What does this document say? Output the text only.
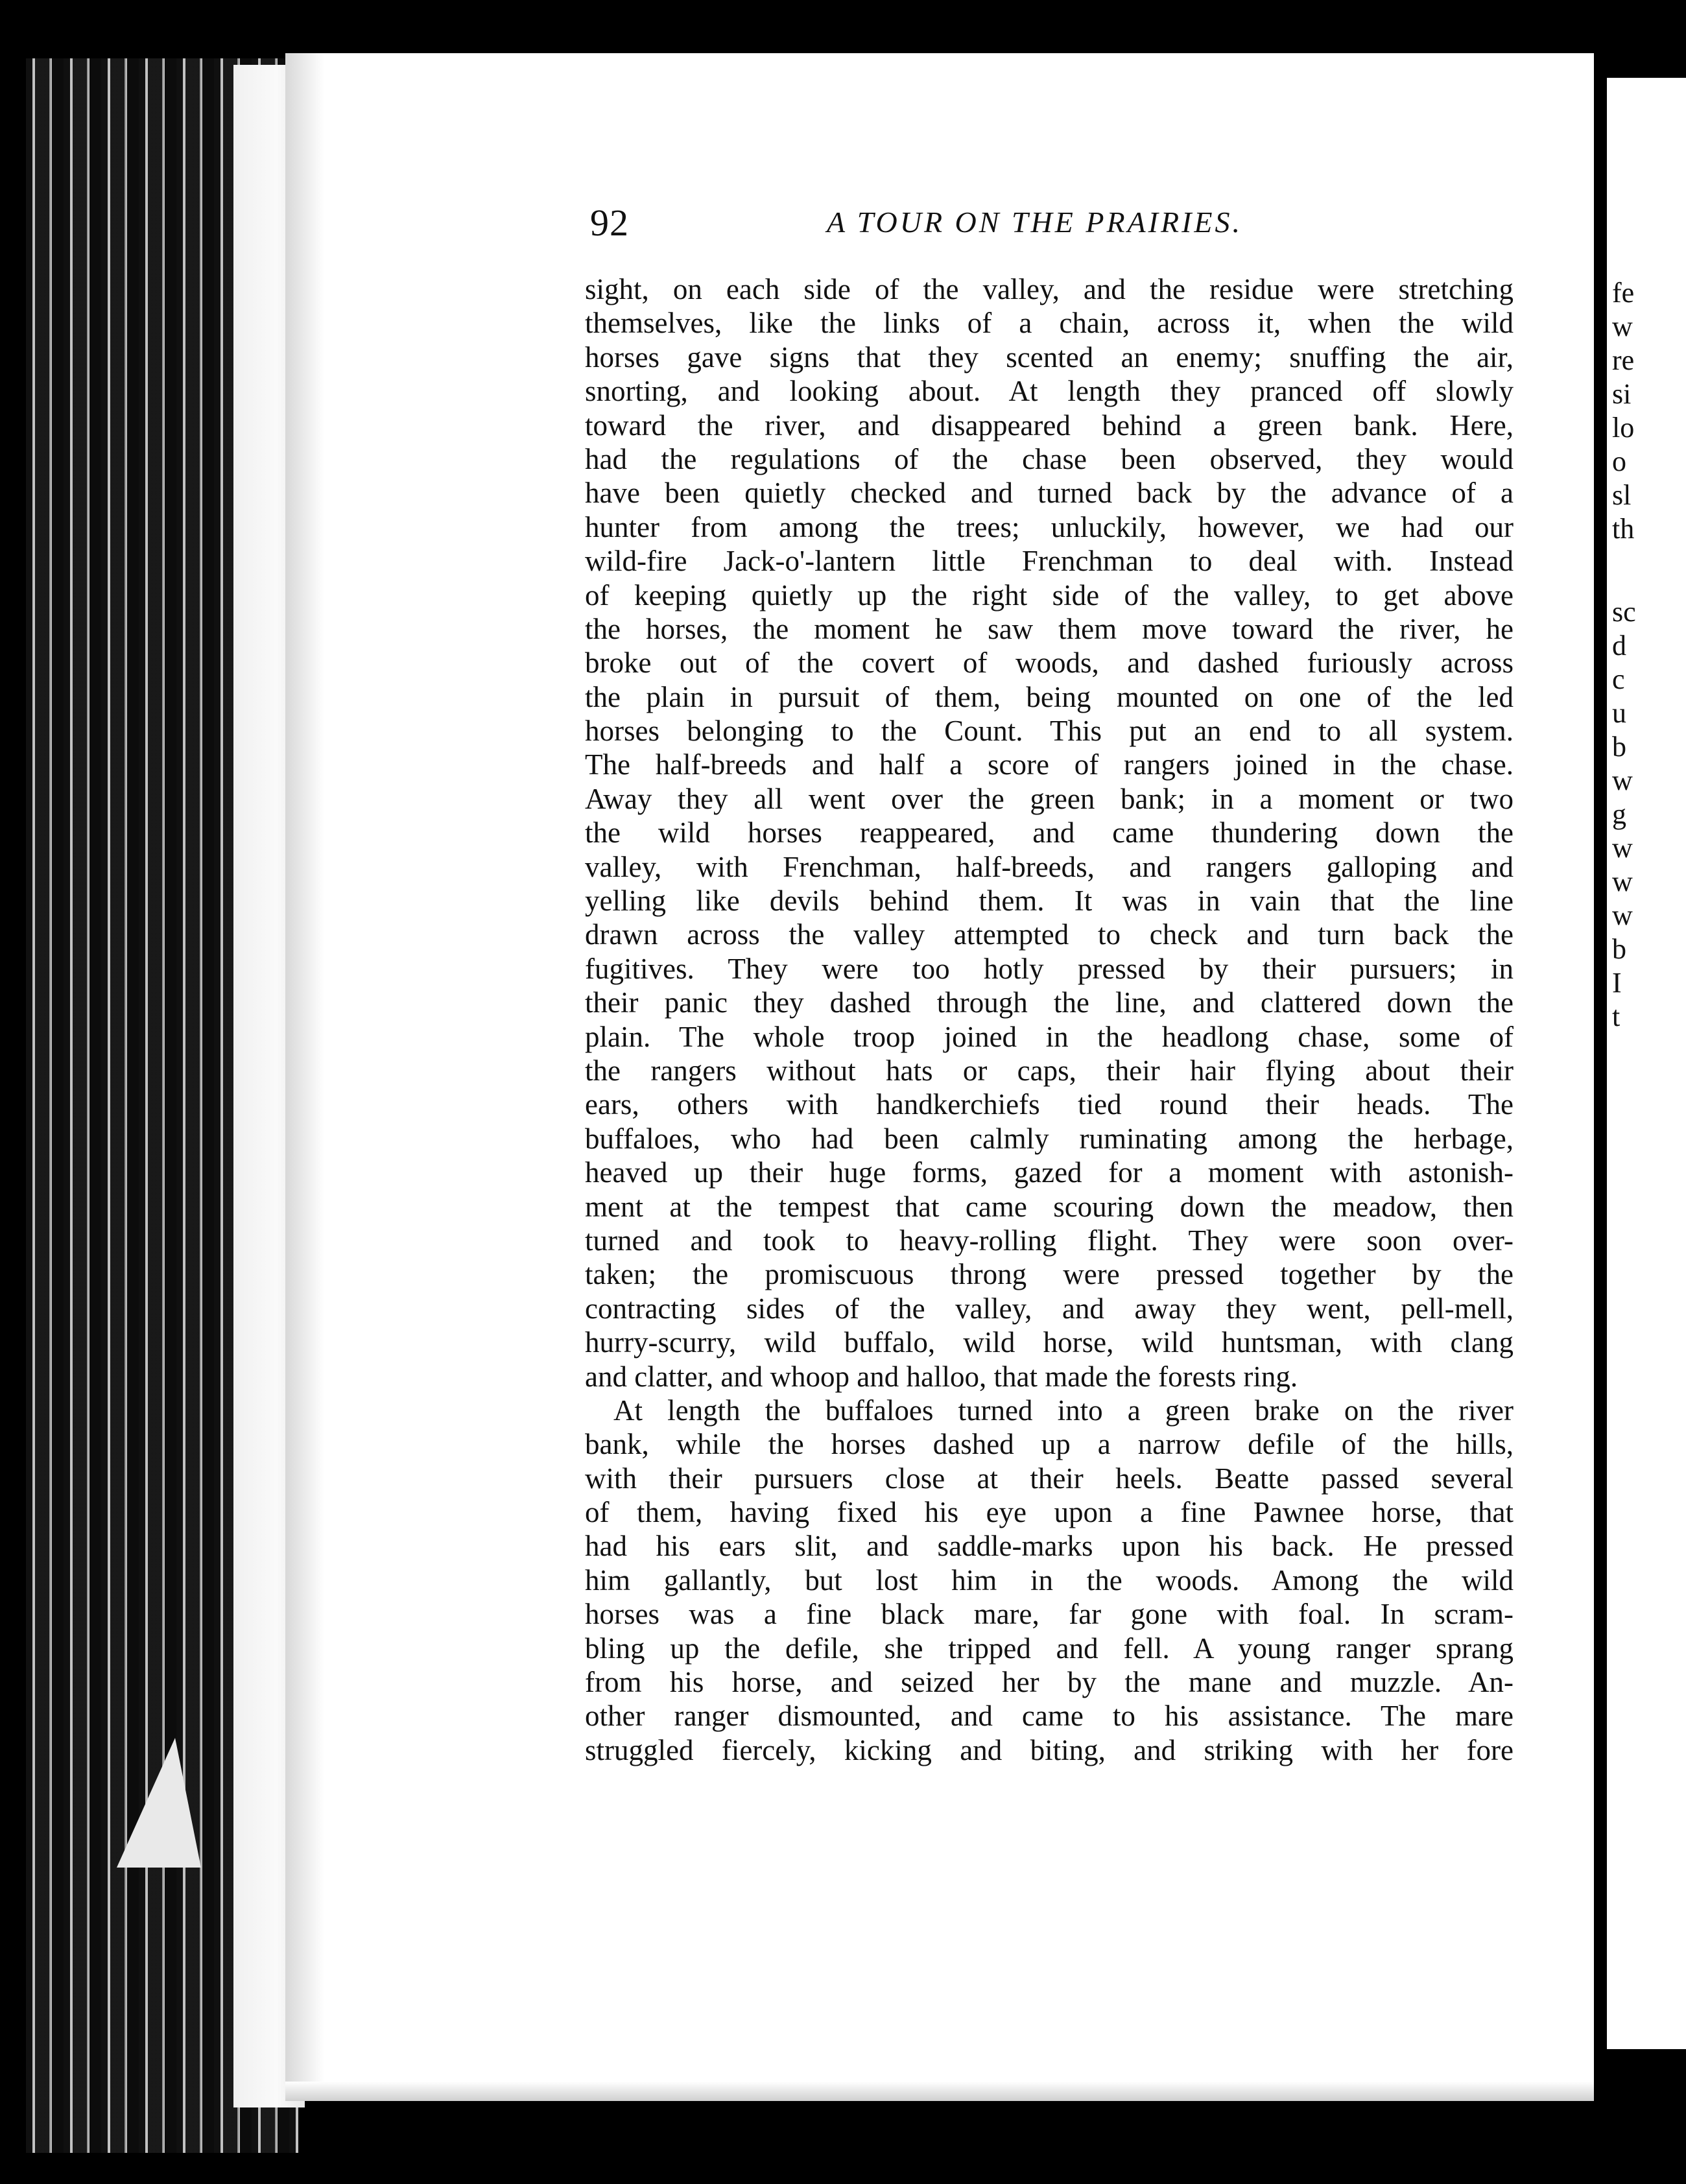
fe
w
re
si
lo
o
sl
th
sc
d
c
u
b
w
g
w
w
w
b
I
t
92	A TOUR ON THE PRAIRIES.
sight, on each side of the valley, and the residue were stretching
themselves, like the links of a chain, across it, when the wild
horses gave signs that they scented an enemy; snuffing the air,
snorting, and looking about. At length they pranced off slowly
toward the river, and disappeared behind a green bank. Here,
had the regulations of the chase been observed, they would
have been quietly checked and turned back by the advance of a
hunter from among the trees; unluckily, however, we had our
wild-fire Jack-o'-lantern little Frenchman to deal with. Instead
of keeping quietly up the right side of the valley, to get above
the horses, the moment he saw them move toward the river, he
broke out of the covert of woods, and dashed furiously across
the plain in pursuit of them, being mounted on one of the led
horses belonging to the Count. This put an end to all system.
The half-breeds and half a score of rangers joined in the chase.
Away they all went over the green bank; in a moment or two
the wild horses reappeared, and came thundering down the
valley, with Frenchman, half-breeds, and rangers galloping and
yelling like devils behind them. It was in vain that the line
drawn across the valley attempted to check and turn back the
fugitives. They were too hotly pressed by their pursuers; in
their panic they dashed through the line, and clattered down the
plain. The whole troop joined in the headlong chase, some of
the rangers without hats or caps, their hair flying about their
ears, others with handkerchiefs tied round their heads. The
buffaloes, who had been calmly ruminating among the herbage,
heaved up their huge forms, gazed for a moment with astonish-
ment at the tempest that came scouring down the meadow, then
turned and took to heavy-rolling flight. They were soon over-
taken; the promiscuous throng were pressed together by the
contracting sides of the valley, and away they went, pell-mell,
hurry-scurry, wild buffalo, wild horse, wild huntsman, with clang
and clatter, and whoop and halloo, that made the forests ring.
At length the buffaloes turned into a green brake on the river
bank, while the horses dashed up a narrow defile of the hills,
with their pursuers close at their heels. Beatte passed several
of them, having fixed his eye upon a fine Pawnee horse, that
had his ears slit, and saddle-marks upon his back. He pressed
him gallantly, but lost him in the woods. Among the wild
horses was a fine black mare, far gone with foal. In scram-
bling up the defile, she tripped and fell. A young ranger sprang
from his horse, and seized her by the mane and muzzle. An-
other ranger dismounted, and came to his assistance. The mare
struggled fiercely, kicking and biting, and striking with her fore
